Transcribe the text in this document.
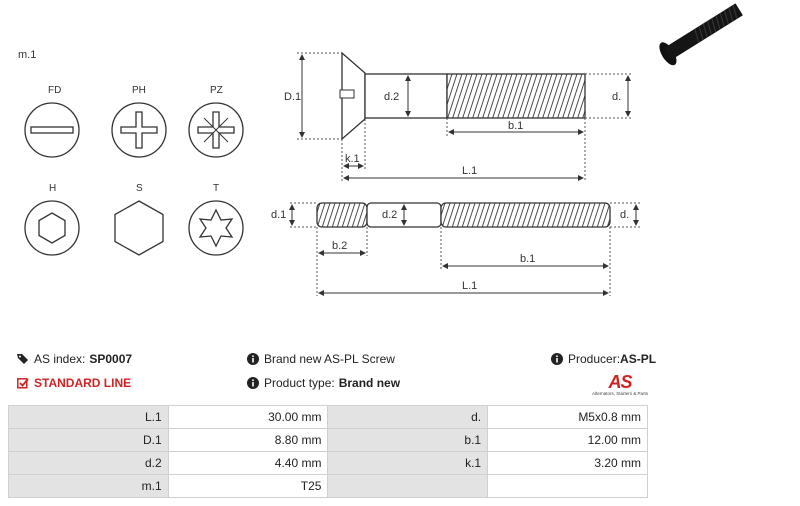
m.1
FD	PH	PZ
H	S	T
D.1	d.2	d.
b.1
k.1
L.1
d.1	d.2	d.
b.2
b.1
L.1
AS index: SP0007
STANDARD LINE
Brand new AS-PL Screw
Product type: Brand new
Producer: AS-PL
AS
Alternators, Starters & Parts
L.1	30.00 mm	d.	M5x0.8 mm
D.1	8.80 mm	b.1	12.00 mm
d.2	4.40 mm	k.1	3.20 mm
m.1	T25		
